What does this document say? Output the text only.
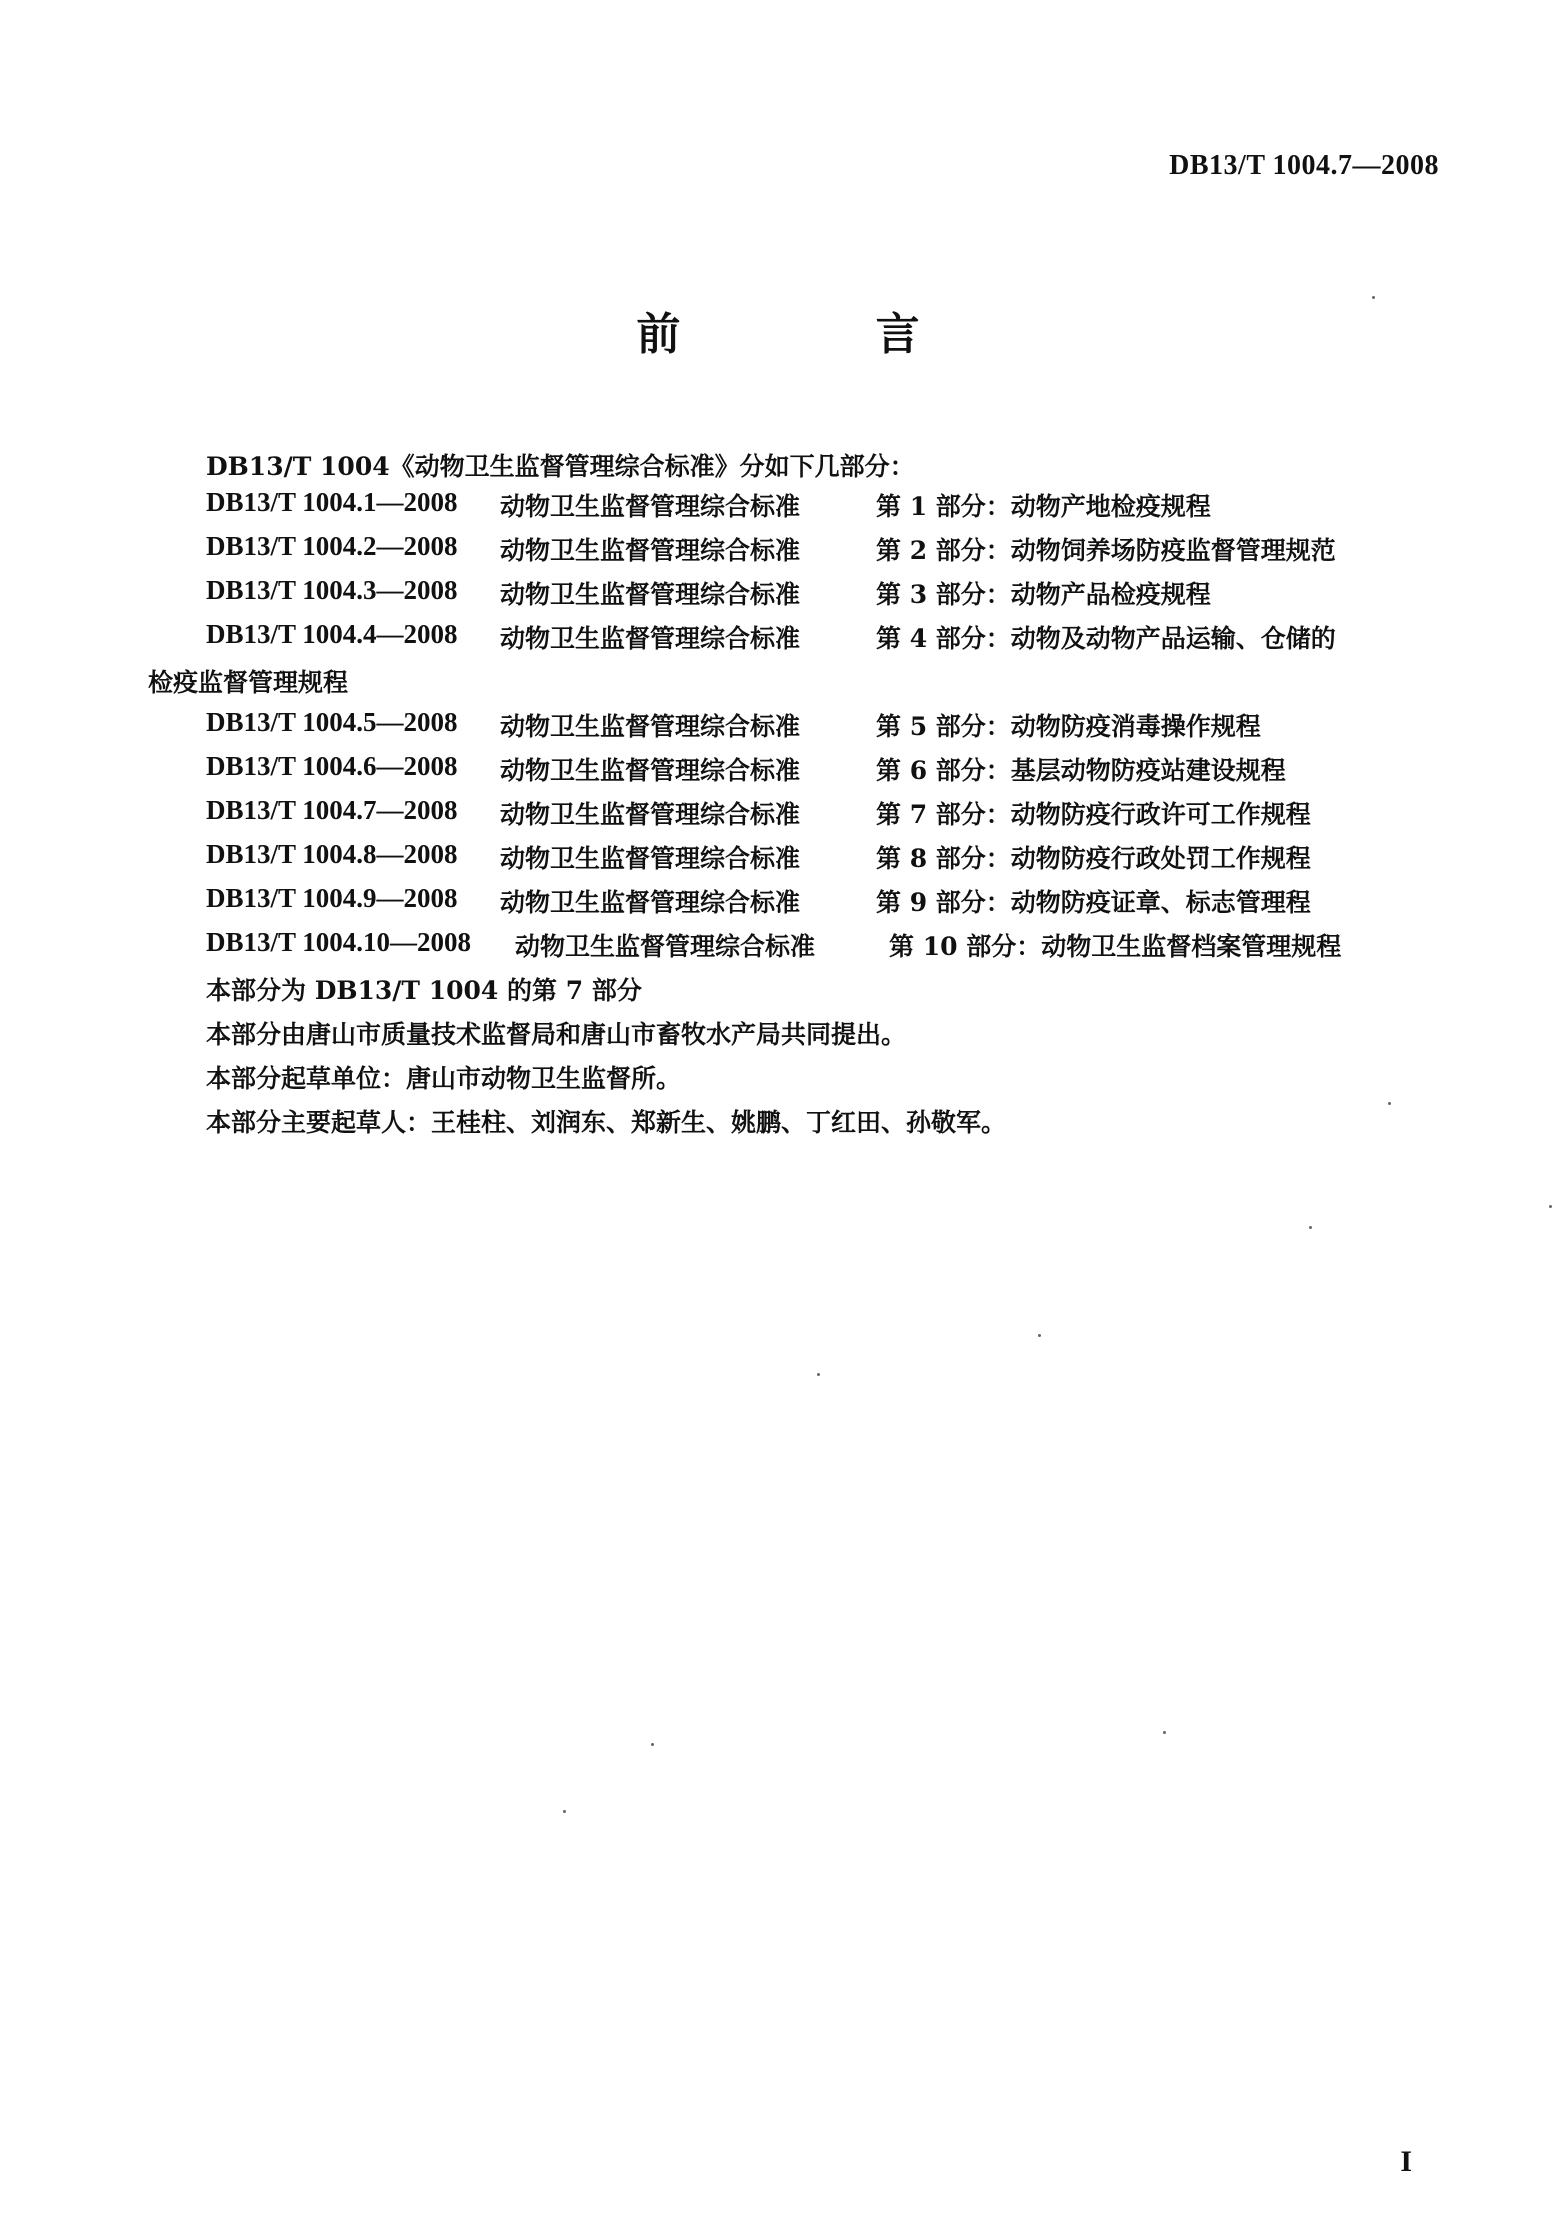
DB13/T 1004.7—2008
前 言
DB13/T 1004《动物卫生监督管理综合标准》分如下几部分：
DB13/T 1004.1—2008 动物卫生监督管理综合标准	第 1 部分：动物产地检疫规程
DB13/T 1004.2—2008 动物卫生监督管理综合标准	第 2 部分：动物饲养场防疫监督管理规范
DB13/T 1004.3—2008 动物卫生监督管理综合标准	第 3 部分：动物产品检疫规程
DB13/T 1004.4—2008 动物卫生监督管理综合标准	第 4 部分：动物及动物产品运输、仓储的
检疫监督管理规程
DB13/T 1004.5—2008 动物卫生监督管理综合标准	第 5 部分：动物防疫消毒操作规程
DB13/T 1004.6—2008 动物卫生监督管理综合标准	第 6 部分：基层动物防疫站建设规程
DB13/T 1004.7—2008 动物卫生监督管理综合标准	第 7 部分：动物防疫行政许可工作规程
DB13/T 1004.8—2008 动物卫生监督管理综合标准	第 8 部分：动物防疫行政处罚工作规程
DB13/T 1004.9—2008 动物卫生监督管理综合标准	第 9 部分：动物防疫证章、标志管理程
DB13/T 1004.10—2008 动物卫生监督管理综合标准	第 10 部分：动物卫生监督档案管理规程
本部分为 DB13/T 1004 的第 7 部分
本部分由唐山市质量技术监督局和唐山市畜牧水产局共同提出。
本部分起草单位：唐山市动物卫生监督所。
本部分主要起草人：王桂柱、刘润东、郑新生、姚鹏、丁红田、孙敬军。
I
